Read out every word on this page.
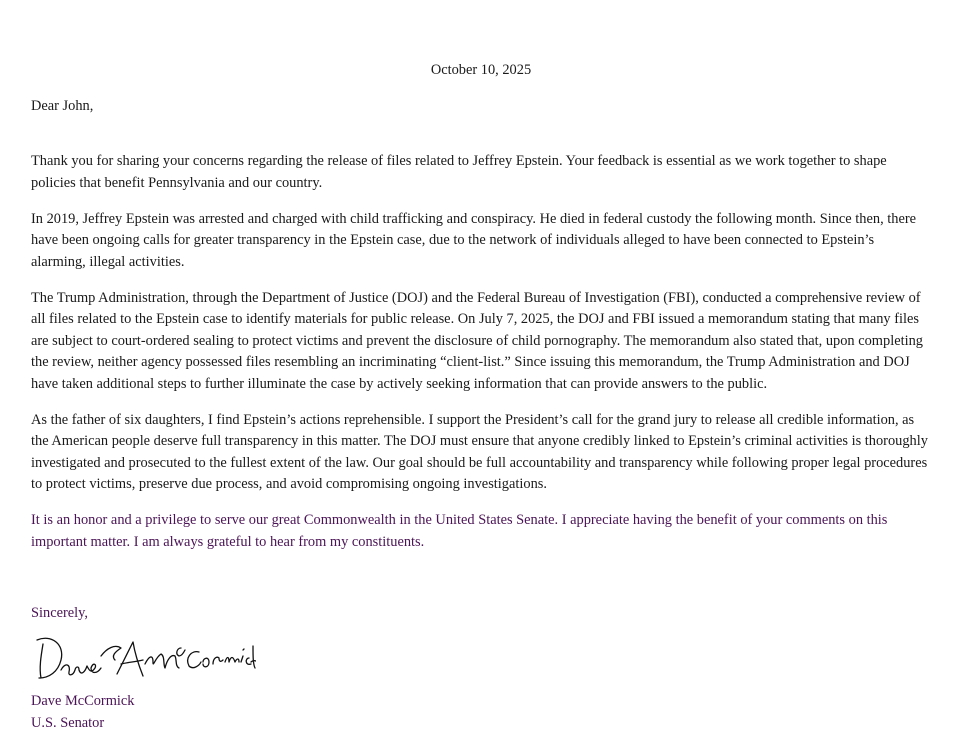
October 10, 2025

Dear John,

Thank you for sharing your concerns regarding the release of files related to Jeffrey Epstein. Your feedback is essential as we work together to shape policies that benefit Pennsylvania and our country.

In 2019, Jeffrey Epstein was arrested and charged with child trafficking and conspiracy. He died in federal custody the following month. Since then, there have been ongoing calls for greater transparency in the Epstein case, due to the network of individuals alleged to have been connected to Epstein’s alarming, illegal activities.

The Trump Administration, through the Department of Justice (DOJ) and the Federal Bureau of Investigation (FBI), conducted a comprehensive review of all files related to the Epstein case to identify materials for public release. On July 7, 2025, the DOJ and FBI issued a memorandum stating that many files are subject to court-ordered sealing to protect victims and prevent the disclosure of child pornography. The memorandum also stated that, upon completing the review, neither agency possessed files resembling an incriminating “client-list.” Since issuing this memorandum, the Trump Administration and DOJ have taken additional steps to further illuminate the case by actively seeking information that can provide answers to the public.

As the father of six daughters, I find Epstein’s actions reprehensible. I support the President’s call for the grand jury to release all credible information, as the American people deserve full transparency in this matter. The DOJ must ensure that anyone credibly linked to Epstein’s criminal activities is thoroughly investigated and prosecuted to the fullest extent of the law. Our goal should be full accountability and transparency while following proper legal procedures to protect victims, preserve due process, and avoid compromising ongoing investigations.

It is an honor and a privilege to serve our great Commonwealth in the United States Senate. I appreciate having the benefit of your comments on this important matter. I am always grateful to hear from my constituents.

Sincerely,

Dave McCormick
U.S. Senator
